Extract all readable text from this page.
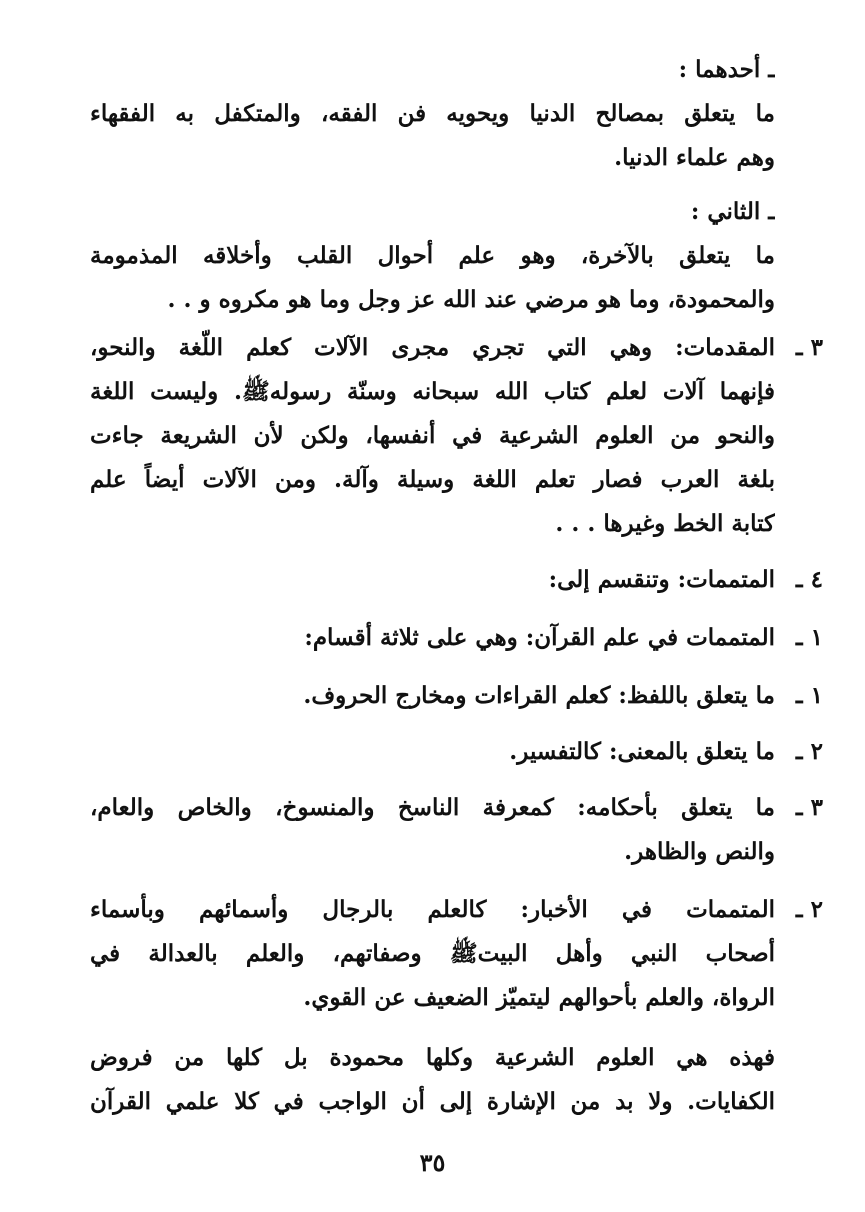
ـ أحدهما :
ما يتعلق بمصالح الدنيا ويحويه فن الفقه، والمتكفل به الفقهاء
وهم علماء الدنيا.
ـ الثاني :
ما يتعلق بالآخرة، وهو علم أحوال القلب وأخلاقه المذمومة
والمحمودة، وما هو مرضي عند الله عز وجل وما هو مكروه و . .
٣ ـ
المقدمات: وهي التي تجري مجرى الآلات كعلم اللّغة والنحو،
فإنهما آلات لعلم كتاب الله سبحانه وسنّة رسولهﷺ. وليست اللغة
والنحو من العلوم الشرعية في أنفسها، ولكن لأن الشريعة جاءت
بلغة العرب فصار تعلم اللغة وسيلة وآلة. ومن الآلات أيضاً علم
كتابة الخط وغيرها . . .
٤ ـ
المتممات: وتنقسم إلى:
١ ـ
المتممات في علم القرآن: وهي على ثلاثة أقسام:
١ ـ
ما يتعلق باللفظ: كعلم القراءات ومخارج الحروف.
٢ ـ
ما يتعلق بالمعنى: كالتفسير.
٣ ـ
ما يتعلق بأحكامه: كمعرفة الناسخ والمنسوخ، والخاص والعام،
والنص والظاهر.
٢ ـ
المتممات في الأخبار: كالعلم بالرجال وأسمائهم وبأسماء
أصحاب النبي وأهل البيتﷺ وصفاتهم، والعلم بالعدالة في
الرواة، والعلم بأحوالهم ليتميّز الضعيف عن القوي.
فهذه هي العلوم الشرعية وكلها محمودة بل كلها من فروض
الكفايات. ولا بد من الإشارة إلى أن الواجب في كلا علمي القرآن
٣٥
